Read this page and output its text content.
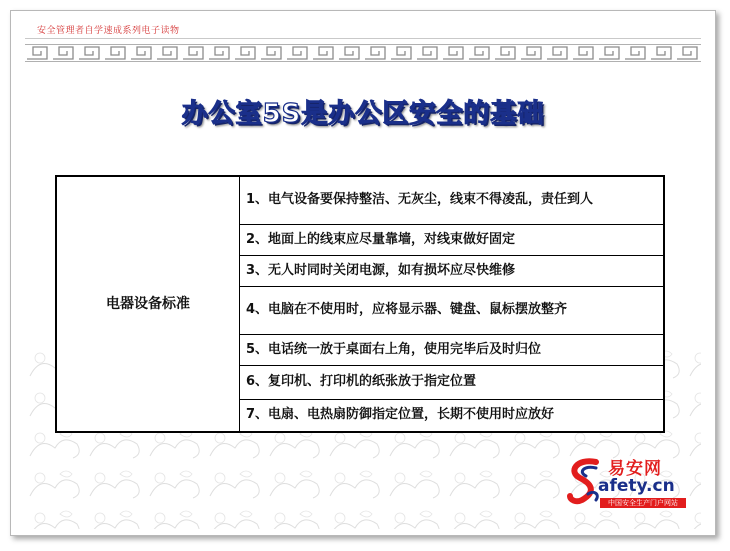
安全管理者自学速成系列电子读物
办公室5S是办公区安全的基础
电器设备标准	1、电气设备要保持整洁、无灰尘，线束不得凌乱，责任到人
2、地面上的线束应尽量靠墙，对线束做好固定
3、无人时同时关闭电源，如有损坏应尽快维修
4、电脑在不使用时，应将显示器、键盘、鼠标摆放整齐
5、电话统一放于桌面右上角，使用完毕后及时归位
6、复印机、打印机的纸张放于指定位置
7、电扇、电热扇防御指定位置，长期不使用时应放好
易安网
afety.cn
中国安全生产门户网站
